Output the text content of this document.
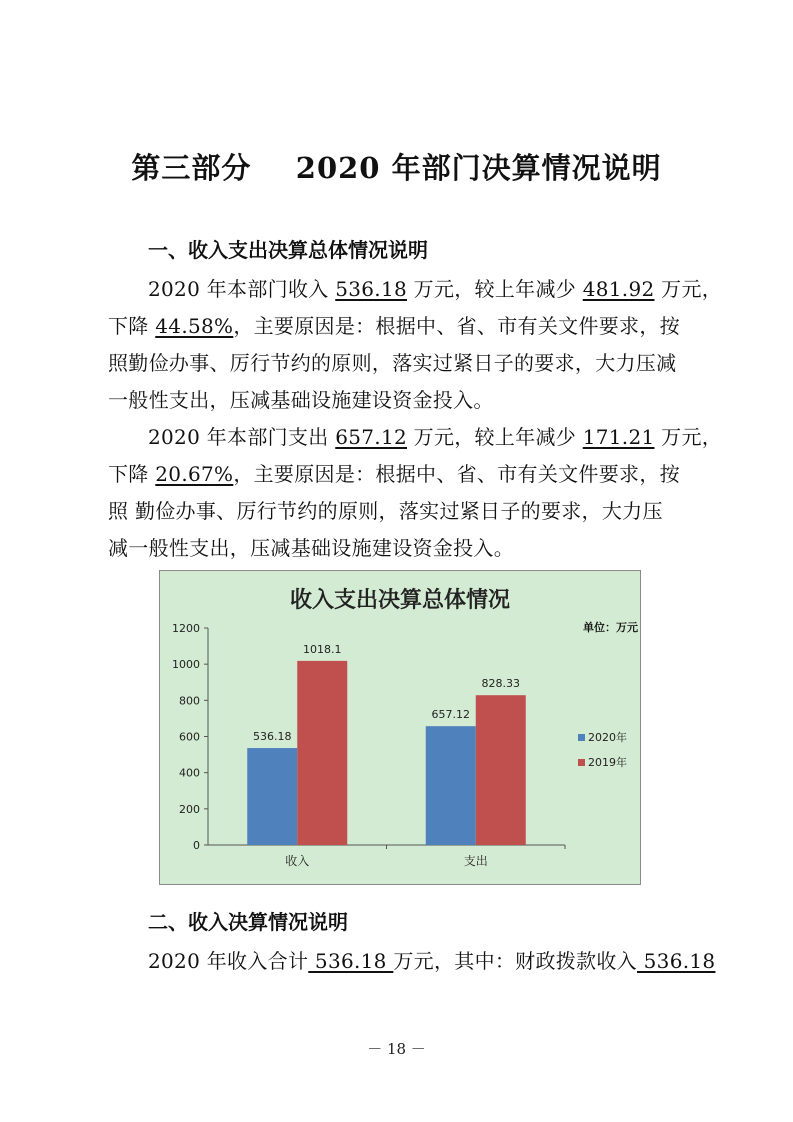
第三部分    2020 年部门决算情况说明
一、收入支出决算总体情况说明
2020 年本部门收入 536.18 万元，较上年减少 481.92 万元，
下降 44.58%，主要原因是：根据中、省、市有关文件要求，按
照勤俭办事、厉行节约的原则，落实过紧日子的要求，大力压减
一般性支出，压减基础设施建设资金投入。
2020 年本部门支出 657.12 万元，较上年减少 171.21 万元，
下降 20.67%，主要原因是：根据中、省、市有关文件要求，按
照 勤俭办事、厉行节约的原则，落实过紧日子的要求，大力压
减一般性支出，压减基础设施建设资金投入。
收入支出决算总体情况
单位：万元
0
200
400
600
800
1000
1200
收入
536.18
1018.1
支出
657.12
828.33
2020年
2019年
二、收入决算情况说明
2020 年收入合计 536.18 万元，其中：财政拨款收入 536.18
－ 18 －
